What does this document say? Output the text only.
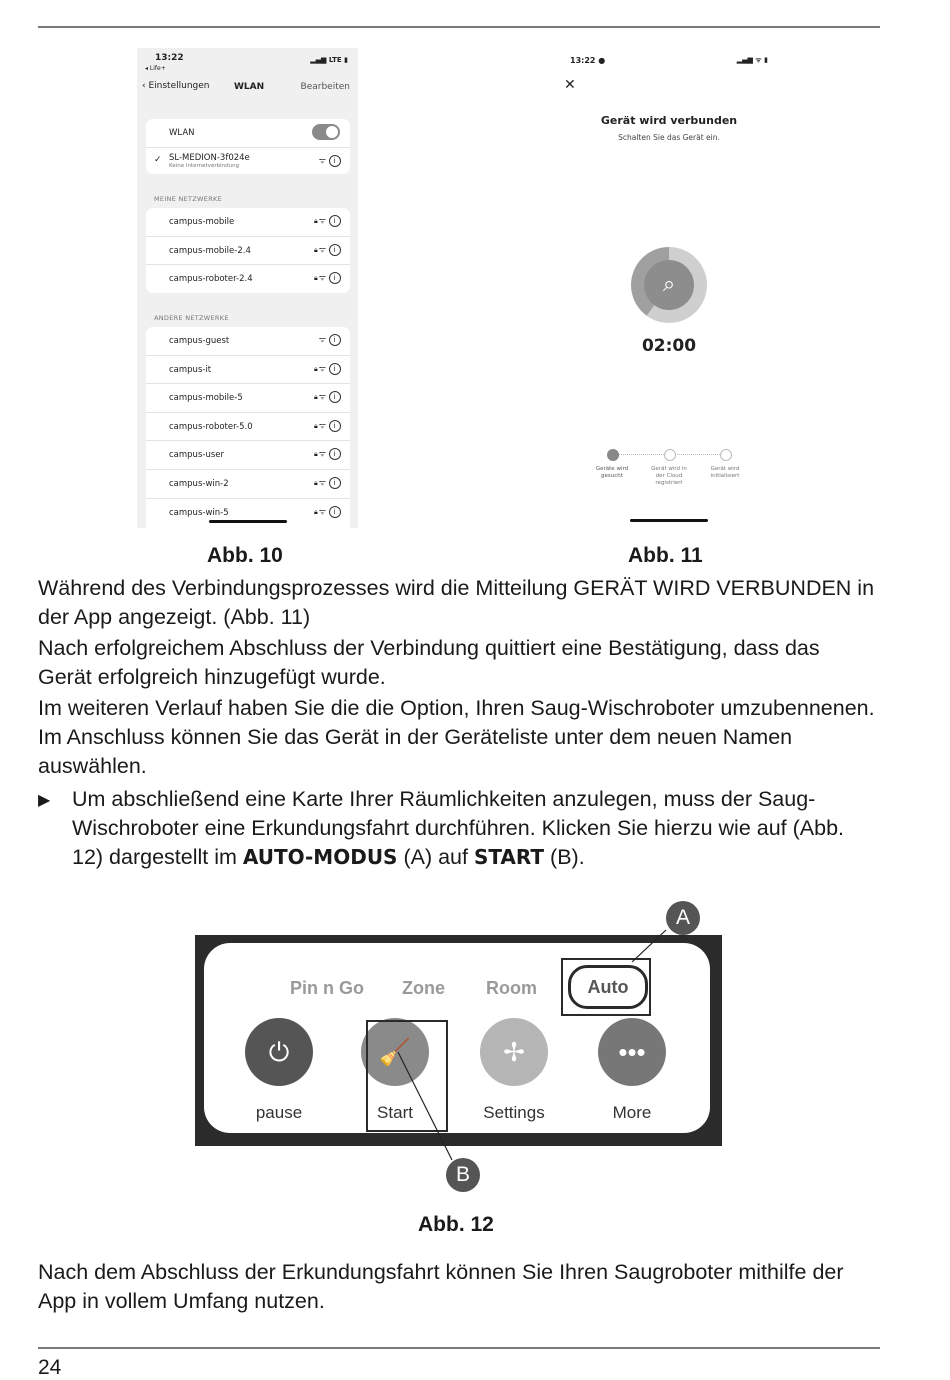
13:22
◂ Life+
▂▄▆ LTE ▮
‹ Einstellungen	WLAN	Bearbeiten
WLAN
✓ SL-MEDION-3f024e
Keine Internetverbindung
ᯤ i
MEINE NETZWERKE
campus-mobile	🔒︎ᯤ i
campus-mobile-2.4	🔒︎ᯤ i
campus-roboter-2.4	🔒︎ᯤ i
ANDERE NETZWERKE
campus-guest	ᯤ i
campus-it	🔒︎ᯤ i
campus-mobile-5	🔒︎ᯤ i
campus-roboter-5.0	🔒︎ᯤ i
campus-user	🔒︎ᯤ i
campus-win-2	🔒︎ᯤ i
campus-win-5	🔒︎ᯤ i
13:22 ●	▂▄▆ ᯤ ▮
✕
Gerät wird verbunden
Schalten Sie das Gerät ein.
⌕
02:00
Geräte wird gesucht
Gerät wird in der Cloud registriert
Gerät wird initialisiert
Abb. 10	Abb. 11

Während des Verbindungsprozesses wird die Mitteilung GERÄT WIRD VERBUNDEN in der App angezeigt. (Abb. 11)

Nach erfolgreichem Abschluss der Verbindung quittiert eine Bestätigung, dass das Gerät erfolgreich hinzugefügt wurde.

Im weiteren Verlauf haben Sie die die Option, Ihren Saug-Wischroboter umzubennenen. Im Anschluss können Sie das Gerät in der Geräteliste unter dem neuen Namen auswählen.

▶ Um abschließend eine Karte Ihrer Räumlichkeiten anzulegen, muss der Saug-Wischroboter eine Erkundungsfahrt durchführen. Klicken Sie hierzu wie auf (Abb. 12) dargestellt im AUTO-MODUS (A) auf START (B).

Pin n Go Zone Room	Auto
⏻	🧹	✢	•••
pause	Start	Settings	More
A
B
Abb. 12

Nach dem Abschluss der Erkundungsfahrt können Sie Ihren Saugroboter mithilfe der App in vollem Umfang nutzen.

24
